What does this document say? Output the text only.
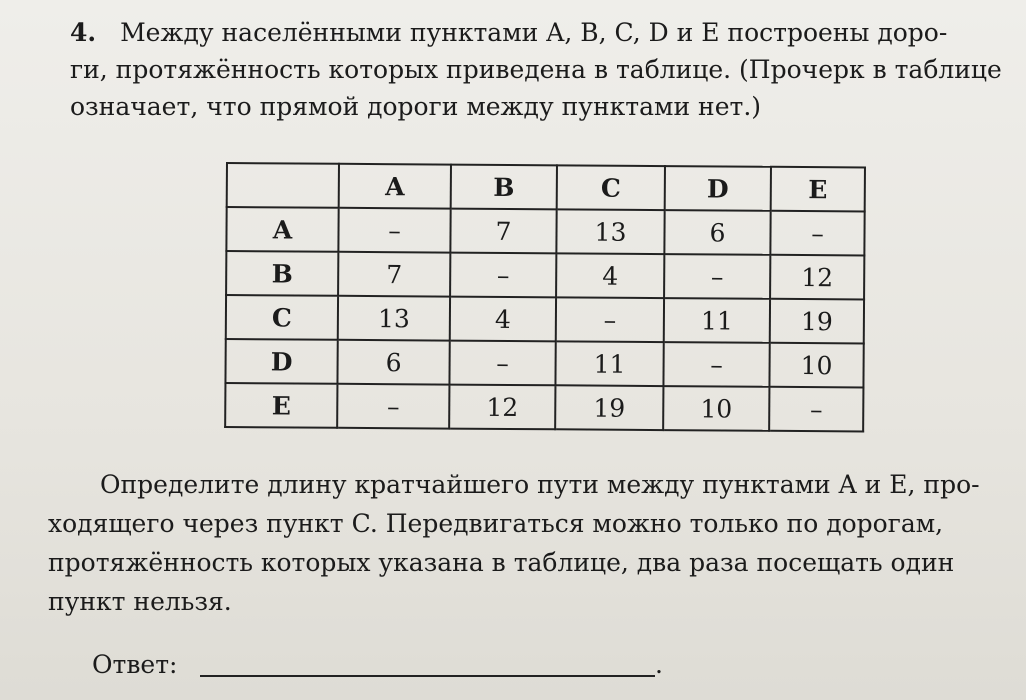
4. Между населёнными пунктами A, B, C, D и E построены доро-
ги, протяжённость которых приведена в таблице. (Прочерк в таблице
означает, что прямой дороги между пунктами нет.)
	A	B	C	D	E
A	–	7	13	6	–
B	7	–	4	–	12
C	13	4	–	11	19
D	6	–	11	–	10
E	–	12	19	10	–
Определите длину кратчайшего пути между пунктами A и E, про-
ходящего через пункт C. Передвигаться можно только по дорогам,
протяжённость которых указана в таблице, два раза посещать один
пункт нельзя.
Ответ:	.
